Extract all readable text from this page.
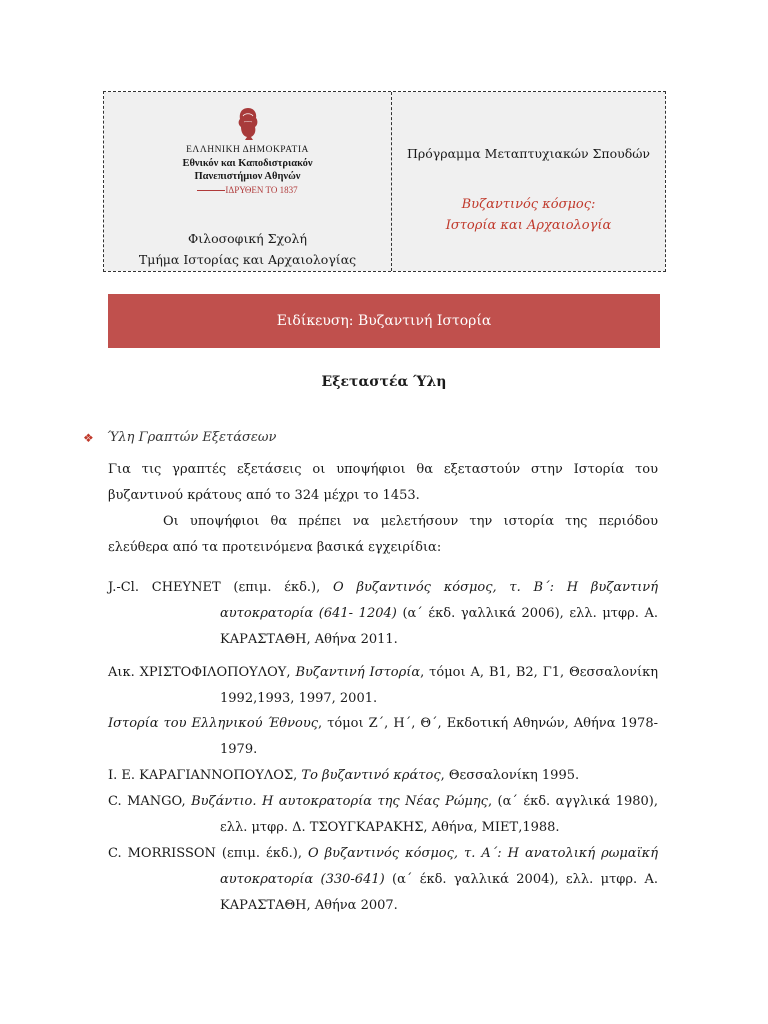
ΕΛΛΗΝΙΚΗ ΔΗΜΟΚΡΑΤΙΑ
Εθνικόν και Καποδιστριακόν
Πανεπιστήμιον Αθηνών
ΙΔΡΥΘΕΝ ΤΟ 1837
Φιλοσοφική Σχολή
Τμήμα Ιστορίας και Αρχαιολογίας
Πρόγραμμα Μεταπτυχιακών Σπουδών
Βυζαντινός κόσμος:
Ιστορία και Αρχαιολογία
Ειδίκευση: Βυζαντινή Ιστορία
Εξεταστέα Ύλη
❖ Ύλη Γραπτών Εξετάσεων
Για τις γραπτές εξετάσεις οι υποψήφιοι θα εξεταστούν στην Ιστορία του βυζαντινού κράτους από το 324 μέχρι το 1453.
Οι υποψήφιοι θα πρέπει να μελετήσουν την ιστορία της περιόδου ελεύθερα από τα προτεινόμενα βασικά εγχειρίδια:
J.-Cl. CHEYNET (επιμ. έκδ.), Ο βυζαντινός κόσμος, τ. Β΄: Η βυζαντινή αυτοκρατορία (641- 1204) (α΄ έκδ. γαλλικά 2006), ελλ. μτφρ. Α. ΚΑΡΑΣΤΑΘΗ, Αθήνα 2011.
Αικ. ΧΡΙΣΤΟΦΙΛΟΠΟΥΛΟΥ, Βυζαντινή Ιστορία, τόμοι Α, Β1, Β2, Γ1, Θεσσαλονίκη 1992,1993, 1997, 2001.
Ιστορία του Ελληνικού Έθνους, τόμοι Ζ΄, Η΄, Θ΄, Εκδοτική Αθηνών, Αθήνα 1978-1979.
Ι. Ε. ΚΑΡΑΓΙΑΝΝΟΠΟΥΛΟΣ, Το βυζαντινό κράτος, Θεσσαλονίκη 1995.
C. MANGO, Βυζάντιο. Η αυτοκρατορία της Νέας Ρώμης, (α΄ έκδ. αγγλικά 1980), ελλ. μτφρ. Δ. ΤΣΟΥΓΚΑΡΑΚΗΣ, Αθήνα, ΜΙΕΤ,1988.
C. MORRISSON (επιμ. έκδ.), Ο βυζαντινός κόσμος, τ. Α΄: Η ανατολική ρωμαϊκή αυτοκρατορία (330-641) (α΄ έκδ. γαλλικά 2004), ελλ. μτφρ. Α. ΚΑΡΑΣΤΑΘΗ, Αθήνα 2007.
